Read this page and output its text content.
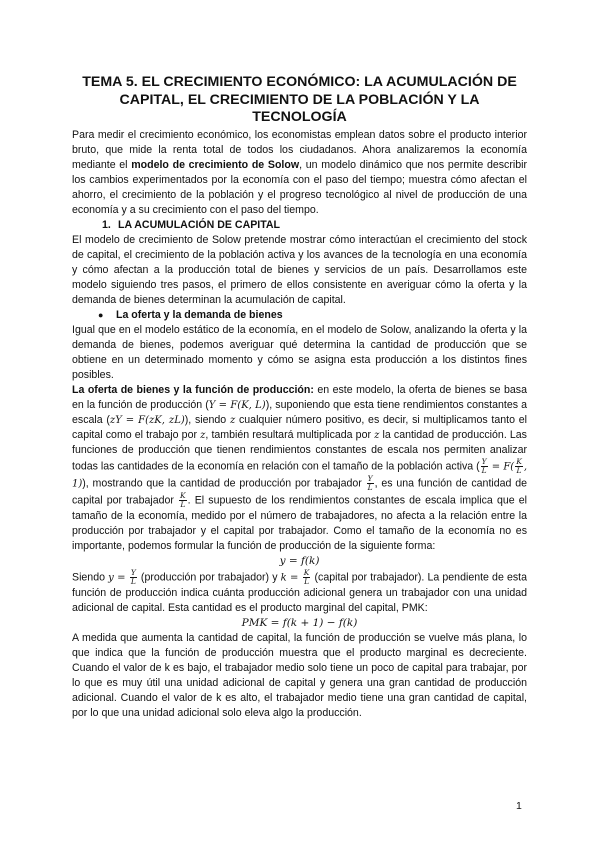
TEMA 5. EL CRECIMIENTO ECONÓMICO: LA ACUMULACIÓN DE CAPITAL, EL CRECIMIENTO DE LA POBLACIÓN Y LA TECNOLOGÍA

Para medir el crecimiento económico, los economistas emplean datos sobre el producto interior bruto, que mide la renta total de todos los ciudadanos. Ahora analizaremos la economía mediante el modelo de crecimiento de Solow, un modelo dinámico que nos permite describir los cambios experimentados por la economía con el paso del tiempo; muestra cómo afectan el ahorro, el crecimiento de la población y el progreso tecnológico al nivel de producción de una economía y a su crecimiento con el paso del tiempo.

1. LA ACUMULACIÓN DE CAPITAL

El modelo de crecimiento de Solow pretende mostrar cómo interactúan el crecimiento del stock de capital, el crecimiento de la población activa y los avances de la tecnología en una economía y cómo afectan a la producción total de bienes y servicios de un país. Desarrollamos este modelo siguiendo tres pasos, el primero de ellos consistente en averiguar cómo la oferta y la demanda de bienes determinan la acumulación de capital.

● La oferta y la demanda de bienes

Igual que en el modelo estático de la economía, en el modelo de Solow, analizando la oferta y la demanda de bienes, podemos averiguar qué determina la cantidad de producción que se obtiene en un determinado momento y cómo se asigna esta producción a los distintos fines posibles.

La oferta de bienes y la función de producción: en este modelo, la oferta de bienes se basa en la función de producción (Y = F(K, L)), suponiendo que esta tiene rendimientos constantes a escala (zY = F(zK, zL)), siendo z cualquier número positivo, es decir, si multiplicamos tanto el capital como el trabajo por z, también resultará multiplicada por z la cantidad de producción. Las funciones de producción que tienen rendimientos constantes de escala nos permiten analizar todas las cantidades de la economía en relación con el tamaño de la población activa ( $\frac{Y}{L} = F( \frac{K}{L}$ , 1)), mostrando que la cantidad de producción por trabajador $\frac{Y}{L}$ , es una función de cantidad de capital por trabajador $\frac{K}{L}$ . El supuesto de los rendimientos constantes de escala implica que el tamaño de la economía, medido por el número de trabajadores, no afecta a la relación entre la producción por trabajador y el capital por trabajador. Como el tamaño de la economía no es importante, podemos formular la función de producción de la siguiente forma:

y = f(k)

Siendo $y = \frac{Y}{L}$ (producción por trabajador) y $k = \frac{K}{L}$ (capital por trabajador). La pendiente de esta función de producción indica cuánta producción adicional genera un trabajador con una unidad adicional de capital. Esta cantidad es el producto marginal del capital, PMK:

PMK = f(k + 1) − f(k)

A medida que aumenta la cantidad de capital, la función de producción se vuelve más plana, lo que indica que la función de producción muestra que el producto marginal es decreciente. Cuando el valor de k es bajo, el trabajador medio solo tiene un poco de capital para trabajar, por lo que es muy útil una unidad adicional de capital y genera una gran cantidad de producción adicional. Cuando el valor de k es alto, el trabajador medio tiene una gran cantidad de capital, por lo que una unidad adicional solo eleva algo la producción.

1
